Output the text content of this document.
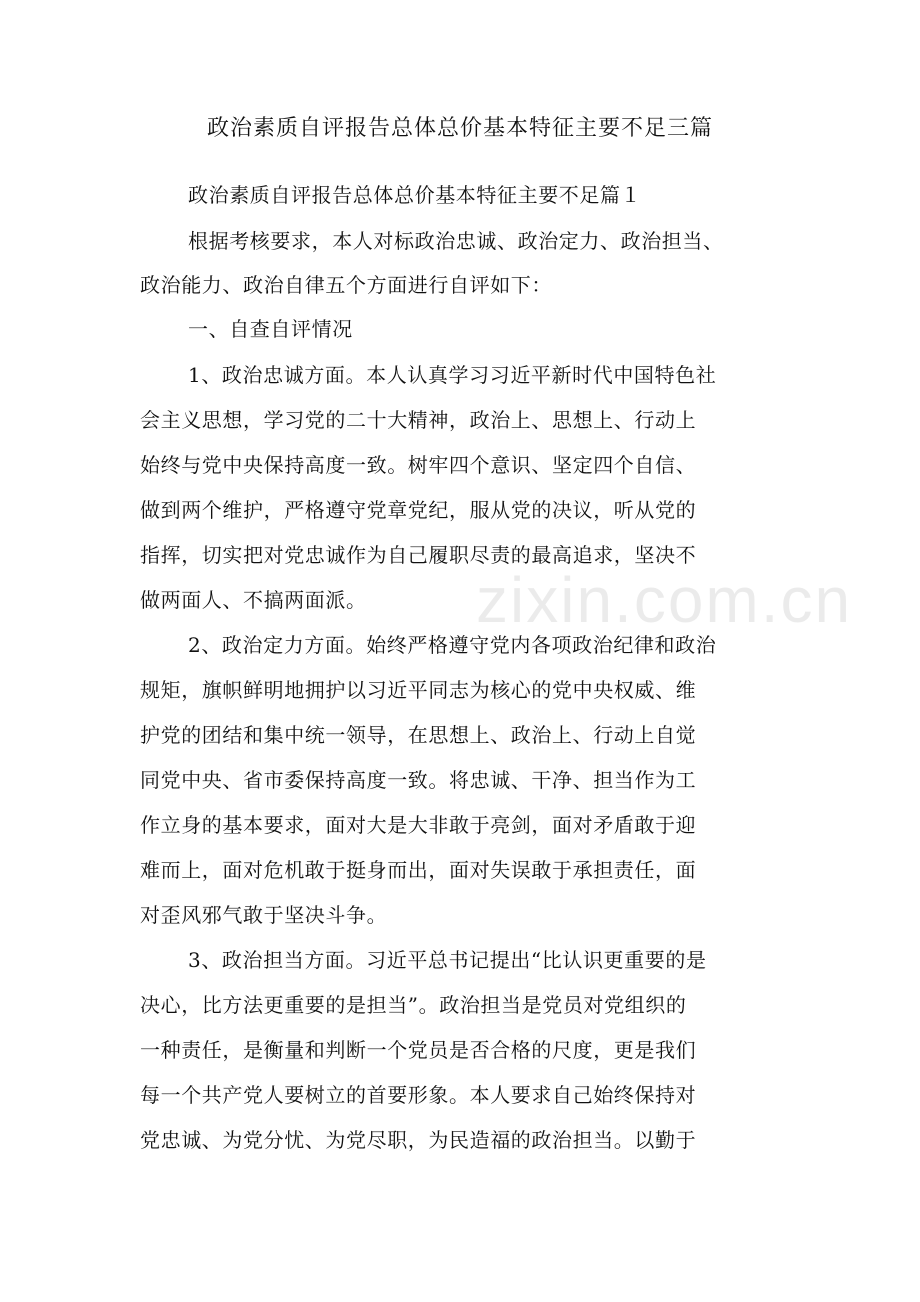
政治素质自评报告总体总价基本特征主要不足三篇
政治素质自评报告总体总价基本特征主要不足篇１
根据考核要求，本人对标政治忠诚、政治定力、政治担当、
政治能力、政治自律五个方面进行自评如下：
一、自查自评情况
1、政治忠诚方面。本人认真学习习近平新时代中国特色社
会主义思想，学习党的二十大精神，政治上、思想上、行动上
始终与党中央保持高度一致。树牢四个意识、坚定四个自信、
做到两个维护，严格遵守党章党纪，服从党的决议，听从党的
指挥，切实把对党忠诚作为自己履职尽责的最高追求，坚决不
做两面人、不搞两面派。
2、政治定力方面。始终严格遵守党内各项政治纪律和政治
规矩，旗帜鲜明地拥护以习近平同志为核心的党中央权威、维
护党的团结和集中统一领导，在思想上、政治上、行动上自觉
同党中央、省市委保持高度一致。将忠诚、干净、担当作为工
作立身的基本要求，面对大是大非敢于亮剑，面对矛盾敢于迎
难而上，面对危机敢于挺身而出，面对失误敢于承担责任，面
对歪风邪气敢于坚决斗争。
3、政治担当方面。习近平总书记提出“比认识更重要的是
决心，比方法更重要的是担当”。政治担当是党员对党组织的
一种责任，是衡量和判断一个党员是否合格的尺度，更是我们
每一个共产党人要树立的首要形象。本人要求自己始终保持对
党忠诚、为党分忧、为党尽职，为民造福的政治担当。以勤于
zixin.com.cn
